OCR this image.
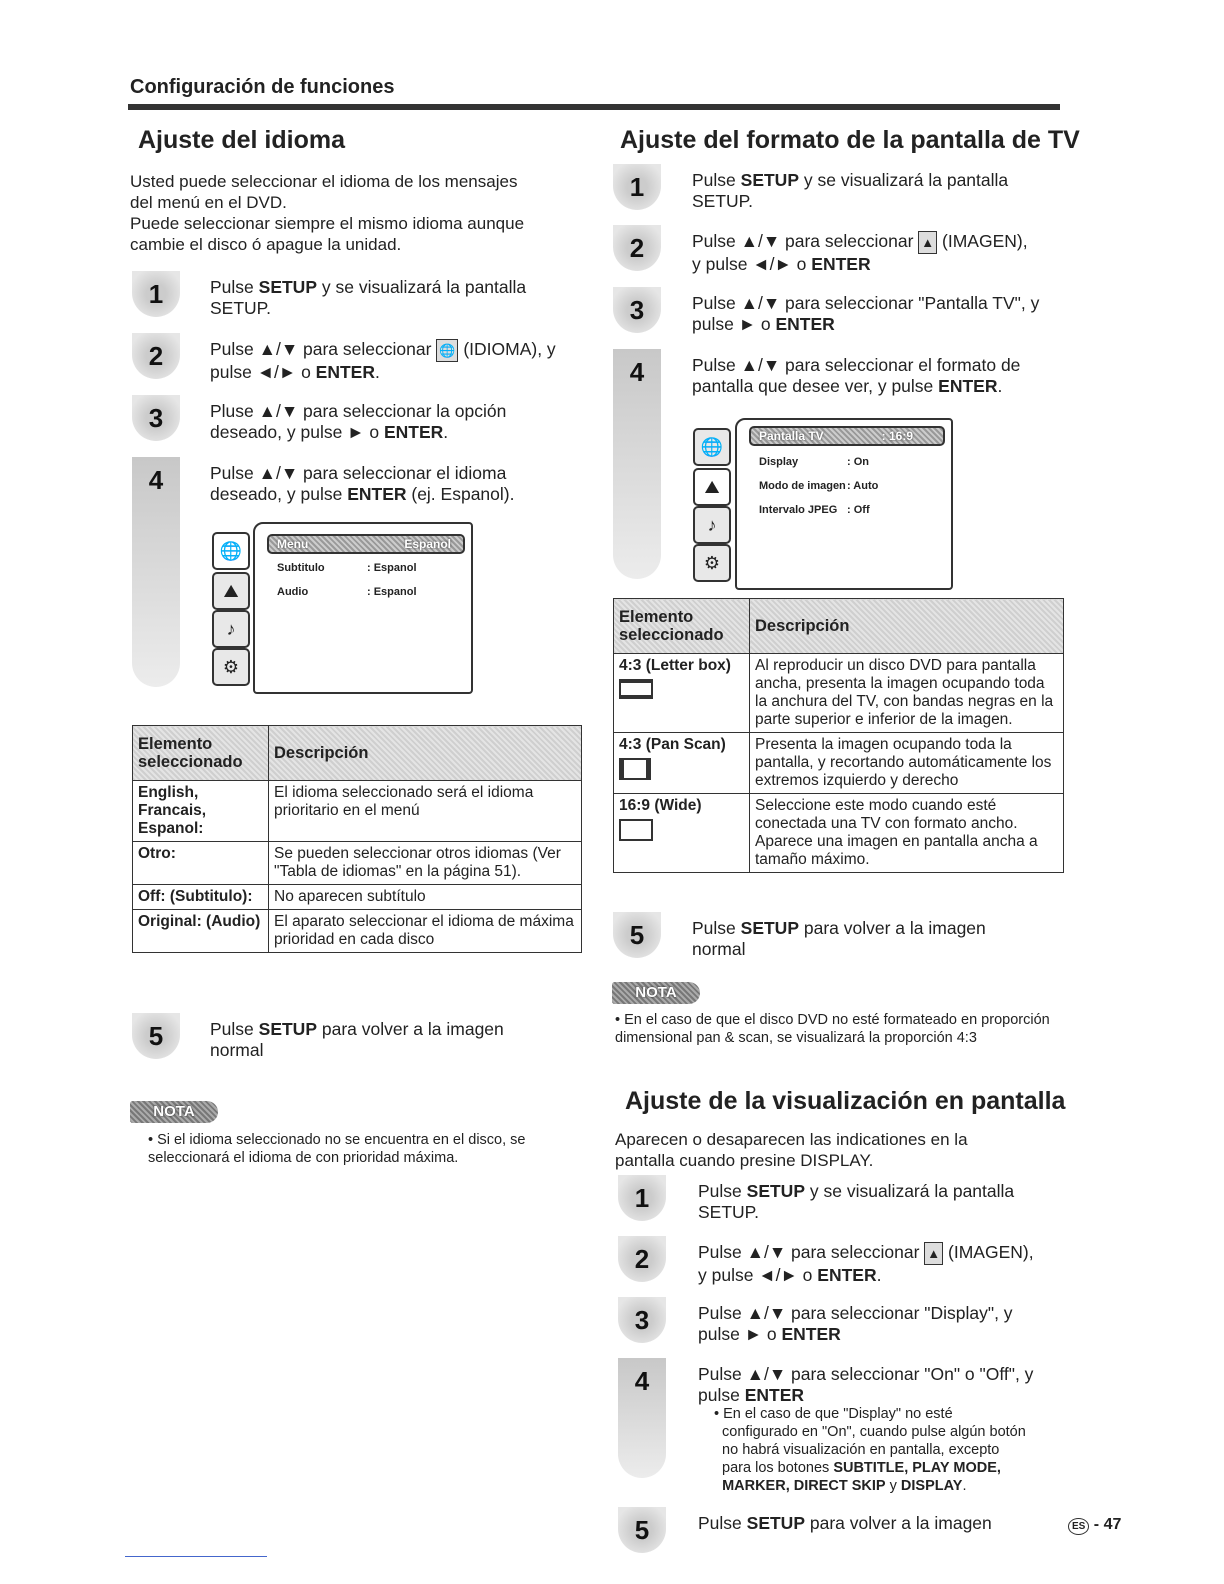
Configuración de funciones
Ajuste del idioma
Usted puede seleccionar el idioma de los mensajes
del menú en el DVD.
Puede seleccionar siempre el mismo idioma aunque
cambie el disco ó apague la unidad.
1	Pulse SETUP y se visualizará la pantalla
SETUP.
2	Pulse ▲/▼ para seleccionar 🌐 (IDIOMA), y
pulse ◄/► o ENTER.
3	Pluse ▲/▼ para seleccionar la opción
deseado, y pulse ► o ENTER.
4	Pulse ▲/▼ para seleccionar el idioma
deseado, y pulse ENTER (ej. Espanol).
5	Pulse SETUP para volver a la imagen
normal
Menu	Espanol
Subtitulo	: Espanol
Audio	: Espanol
🌐
⛰
♪
⚙
Elemento seleccionado	Descripción
English, Francais, Espanol:	El idioma seleccionado será el idioma prioritario en el menú
Otro:	Se pueden seleccionar otros idiomas (Ver "Tabla de idiomas" en la página 51).
Off: (Subtitulo):	No aparecen subtítulo
Original: (Audio)	El aparato seleccionar el idioma de máxima prioridad en cada disco
NOTA
• Si el idioma seleccionado no se encuentra en el disco, se seleccionará el idioma de con prioridad máxima.
Ajuste del formato de la pantalla de TV
1	Pulse SETUP y se visualizará la pantalla
SETUP.
2	Pulse ▲/▼ para seleccionar ▲ (IMAGEN),
y pulse ◄/► o ENTER
3	Pulse ▲/▼ para seleccionar "Pantalla TV", y
pulse ► o ENTER
4	Pulse ▲/▼ para seleccionar el formato de
pantalla que desee ver, y pulse ENTER.
5	Pulse SETUP para volver a la imagen
normal
Pantalla TV	: 16:9
Display	: On
Modo de imagen : Auto
Intervalo JPEG : Off
🌐
⛰
♪
⚙
Elemento seleccionado	Descripción
4:3 (Letter box)	Al reproducir un disco DVD para pantalla ancha, presenta la imagen ocupando toda la anchura del TV, con bandas negras en la parte superior e inferior de la imagen.
4:3 (Pan Scan)	Presenta la imagen ocupando toda la pantalla, y recortando automáticamente los extremos izquierdo y derecho
16:9 (Wide)	Seleccione este modo cuando esté conectada una TV con formato ancho. Aparece una imagen en pantalla ancha a tamaño máximo.
NOTA
• En el caso de que el disco DVD no esté formateado en proporción dimensional pan & scan, se visualizará la proporción 4:3
Ajuste de la visualización en pantalla
Aparecen o desaparecen las indicationes en la
pantalla cuando presine DISPLAY.
1	Pulse SETUP y se visualizará la pantalla
SETUP.
2	Pulse ▲/▼ para seleccionar ▲ (IMAGEN),
y pulse ◄/► o ENTER.
3	Pulse ▲/▼ para seleccionar "Display", y
pulse ► o ENTER
4	Pulse ▲/▼ para seleccionar "On" o "Off", y
pulse ENTER
5	Pulse SETUP para volver a la imagen
• En el caso de que "Display" no esté
configurado en "On", cuando pulse algún botón
no habrá visualización en pantalla, excepto
para los botones SUBTITLE, PLAY MODE,
MARKER, DIRECT SKIP y DISPLAY.
ES - 47
